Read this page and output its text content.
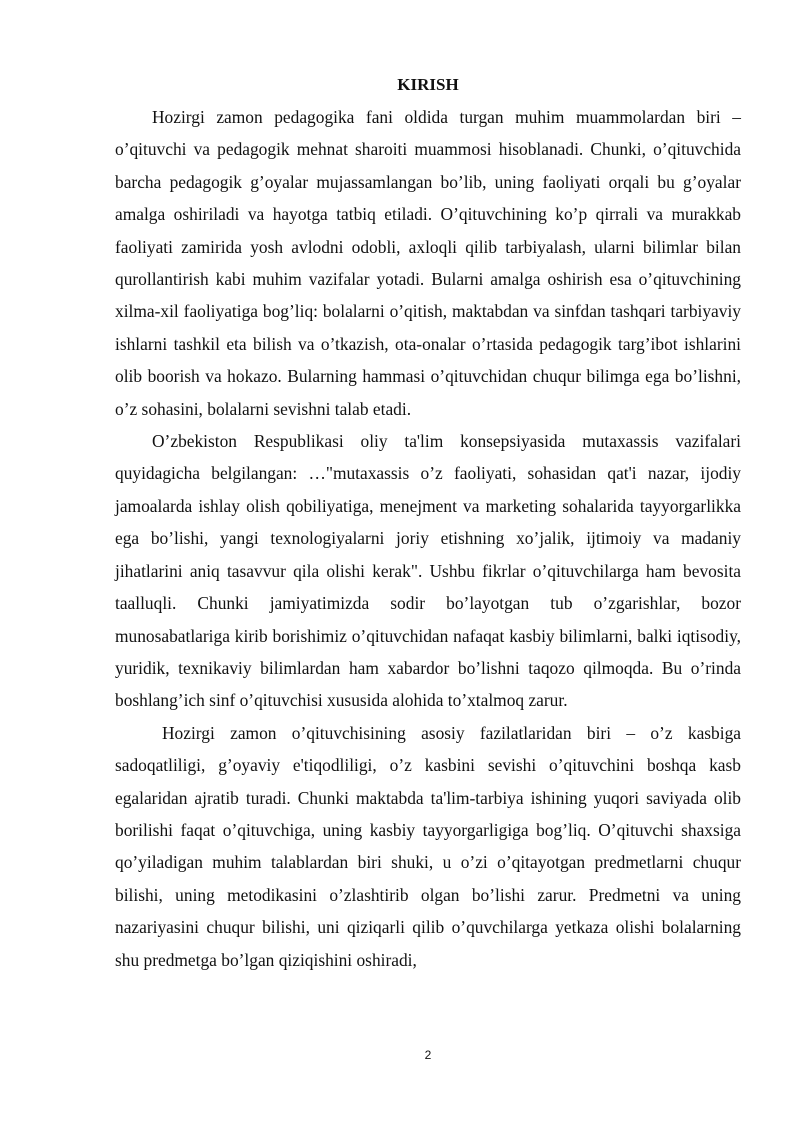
KIRISH

Hozirgi zamon pedagogika fani oldida turgan muhim muammolardan biri – o’qituvchi va pedagogik mehnat sharoiti muammosi hisoblanadi. Chunki, o’qituvchida barcha pedagogik g’oyalar mujassamlangan bo’lib, uning faoliyati orqali bu g’oyalar amalga oshiriladi va hayotga tatbiq etiladi. O’qituvchining ko’p qirrali va murakkab faoliyati zamirida yosh avlodni odobli, axloqli qilib tarbiyalash, ularni bilimlar bilan qurollantirish kabi muhim vazifalar yotadi. Bularni amalga oshirish esa o’qituvchining xilma-xil faoliyatiga bog’liq: bolalarni o’qitish, maktabdan va sinfdan tashqari tarbiyaviy ishlarni tashkil eta bilish va o’tkazish, ota-onalar o’rtasida pedagogik targ’ibot ishlarini olib boorish va hokazo. Bularning hammasi o’qituvchidan chuqur bilimga ega bo’lishni, o’z sohasini, bolalarni sevishni talab etadi.

O’zbekiston Respublikasi oliy ta'lim konsepsiyasida mutaxassis vazifalari quyidagicha belgilangan: …"mutaxassis o’z faoliyati, sohasidan qat'i nazar, ijodiy jamoalarda ishlay olish qobiliyatiga, menejment va marketing sohalarida tayyorgarlikka ega bo’lishi, yangi texnologiyalarni joriy etishning xo’jalik, ijtimoiy va madaniy jihatlarini aniq tasavvur qila olishi kerak". Ushbu fikrlar o’qituvchilarga ham bevosita taalluqli. Chunki jamiyatimizda sodir bo’layotgan tub o’zgarishlar, bozor munosabatlariga kirib borishimiz o’qituvchidan nafaqat kasbiy bilimlarni, balki iqtisodiy, yuridik, texnikaviy bilimlardan ham xabardor bo’lishni taqozo qilmoqda. Bu o’rinda boshlang’ich sinf o’qituvchisi xususida alohida to’xtalmoq zarur.

Hozirgi zamon o’qituvchisining asosiy fazilatlaridan biri – o’z kasbiga sadoqatliligi, g’oyaviy e'tiqodliligi, o’z kasbini sevishi o’qituvchini boshqa kasb egalaridan ajratib turadi. Chunki maktabda ta'lim-tarbiya ishining yuqori saviyada olib borilishi faqat o’qituvchiga, uning kasbiy tayyorgarligiga bog’liq. O’qituvchi shaxsiga qo’yiladigan muhim talablardan biri shuki, u o’zi o’qitayotgan predmetlarni chuqur bilishi, uning metodikasini o’zlashtirib olgan bo’lishi zarur. Predmetni va uning nazariyasini chuqur bilishi, uni qiziqarli qilib o’quvchilarga yetkaza olishi bolalarning shu predmetga bo’lgan qiziqishini oshiradi,

2
